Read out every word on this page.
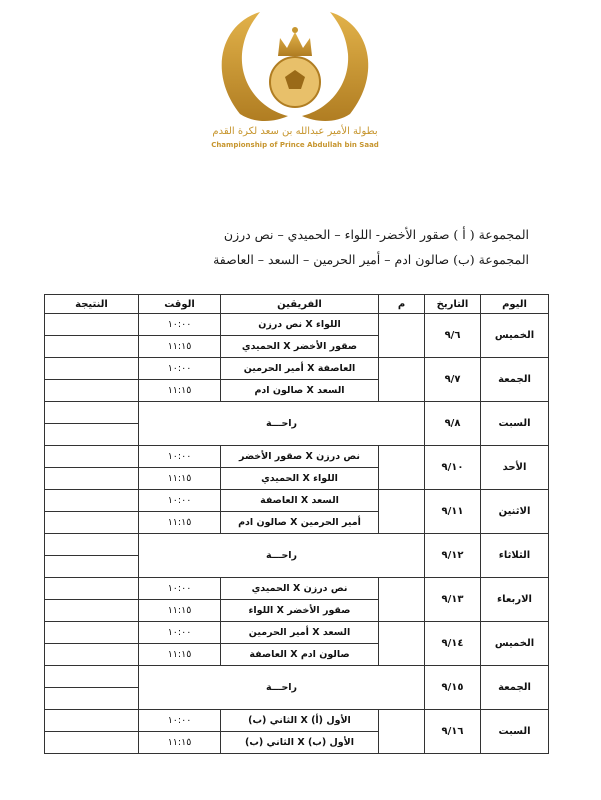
بطولة الأمير عبدالله بن سعد لكرة القدم
Championship of Prince Abdullah bin Saad
المجموعة ( أ ) صقور الأخضر- اللواء – الحميدي – نص درزن
المجموعة (ب) صالون ادم – أمير الحرمين – السعد – العاصفة
اليوم	التاريخ	م	الفريقين	الوقت	النتيجة
الخميس	٩/٦		اللواء X نص درزن	١٠:٠٠	
			صقور الأخضر X الحميدي	١١:١٥	
الجمعة	٩/٧		العاصفة X أمير الحرمين	١٠:٠٠	
			السعد X صالون ادم	١١:١٥	
السبت	٩/٨	راحـــة			

الأحد	٩/١٠		نص درزن X صقور الأخضر	١٠:٠٠	
			اللواء X الحميدي	١١:١٥	
الاثنين	٩/١١		السعد X العاصفة	١٠:٠٠	
			أمير الحرمين X صالون ادم	١١:١٥	
الثلاثاء	٩/١٢	راحـــة			

الاربعاء	٩/١٣		نص درزن X الحميدي	١٠:٠٠	
			صقور الأخضر X اللواء	١١:١٥	
الخميس	٩/١٤		السعد X أمير الحرمين	١٠:٠٠	
			صالون ادم X العاصفة	١١:١٥	
الجمعة	٩/١٥	راحـــة			

السبت	٩/١٦		الأول (أ) X الثاني (ب)	١٠:٠٠	
			الأول (ب) X الثاني (ب)	١١:١٥	
